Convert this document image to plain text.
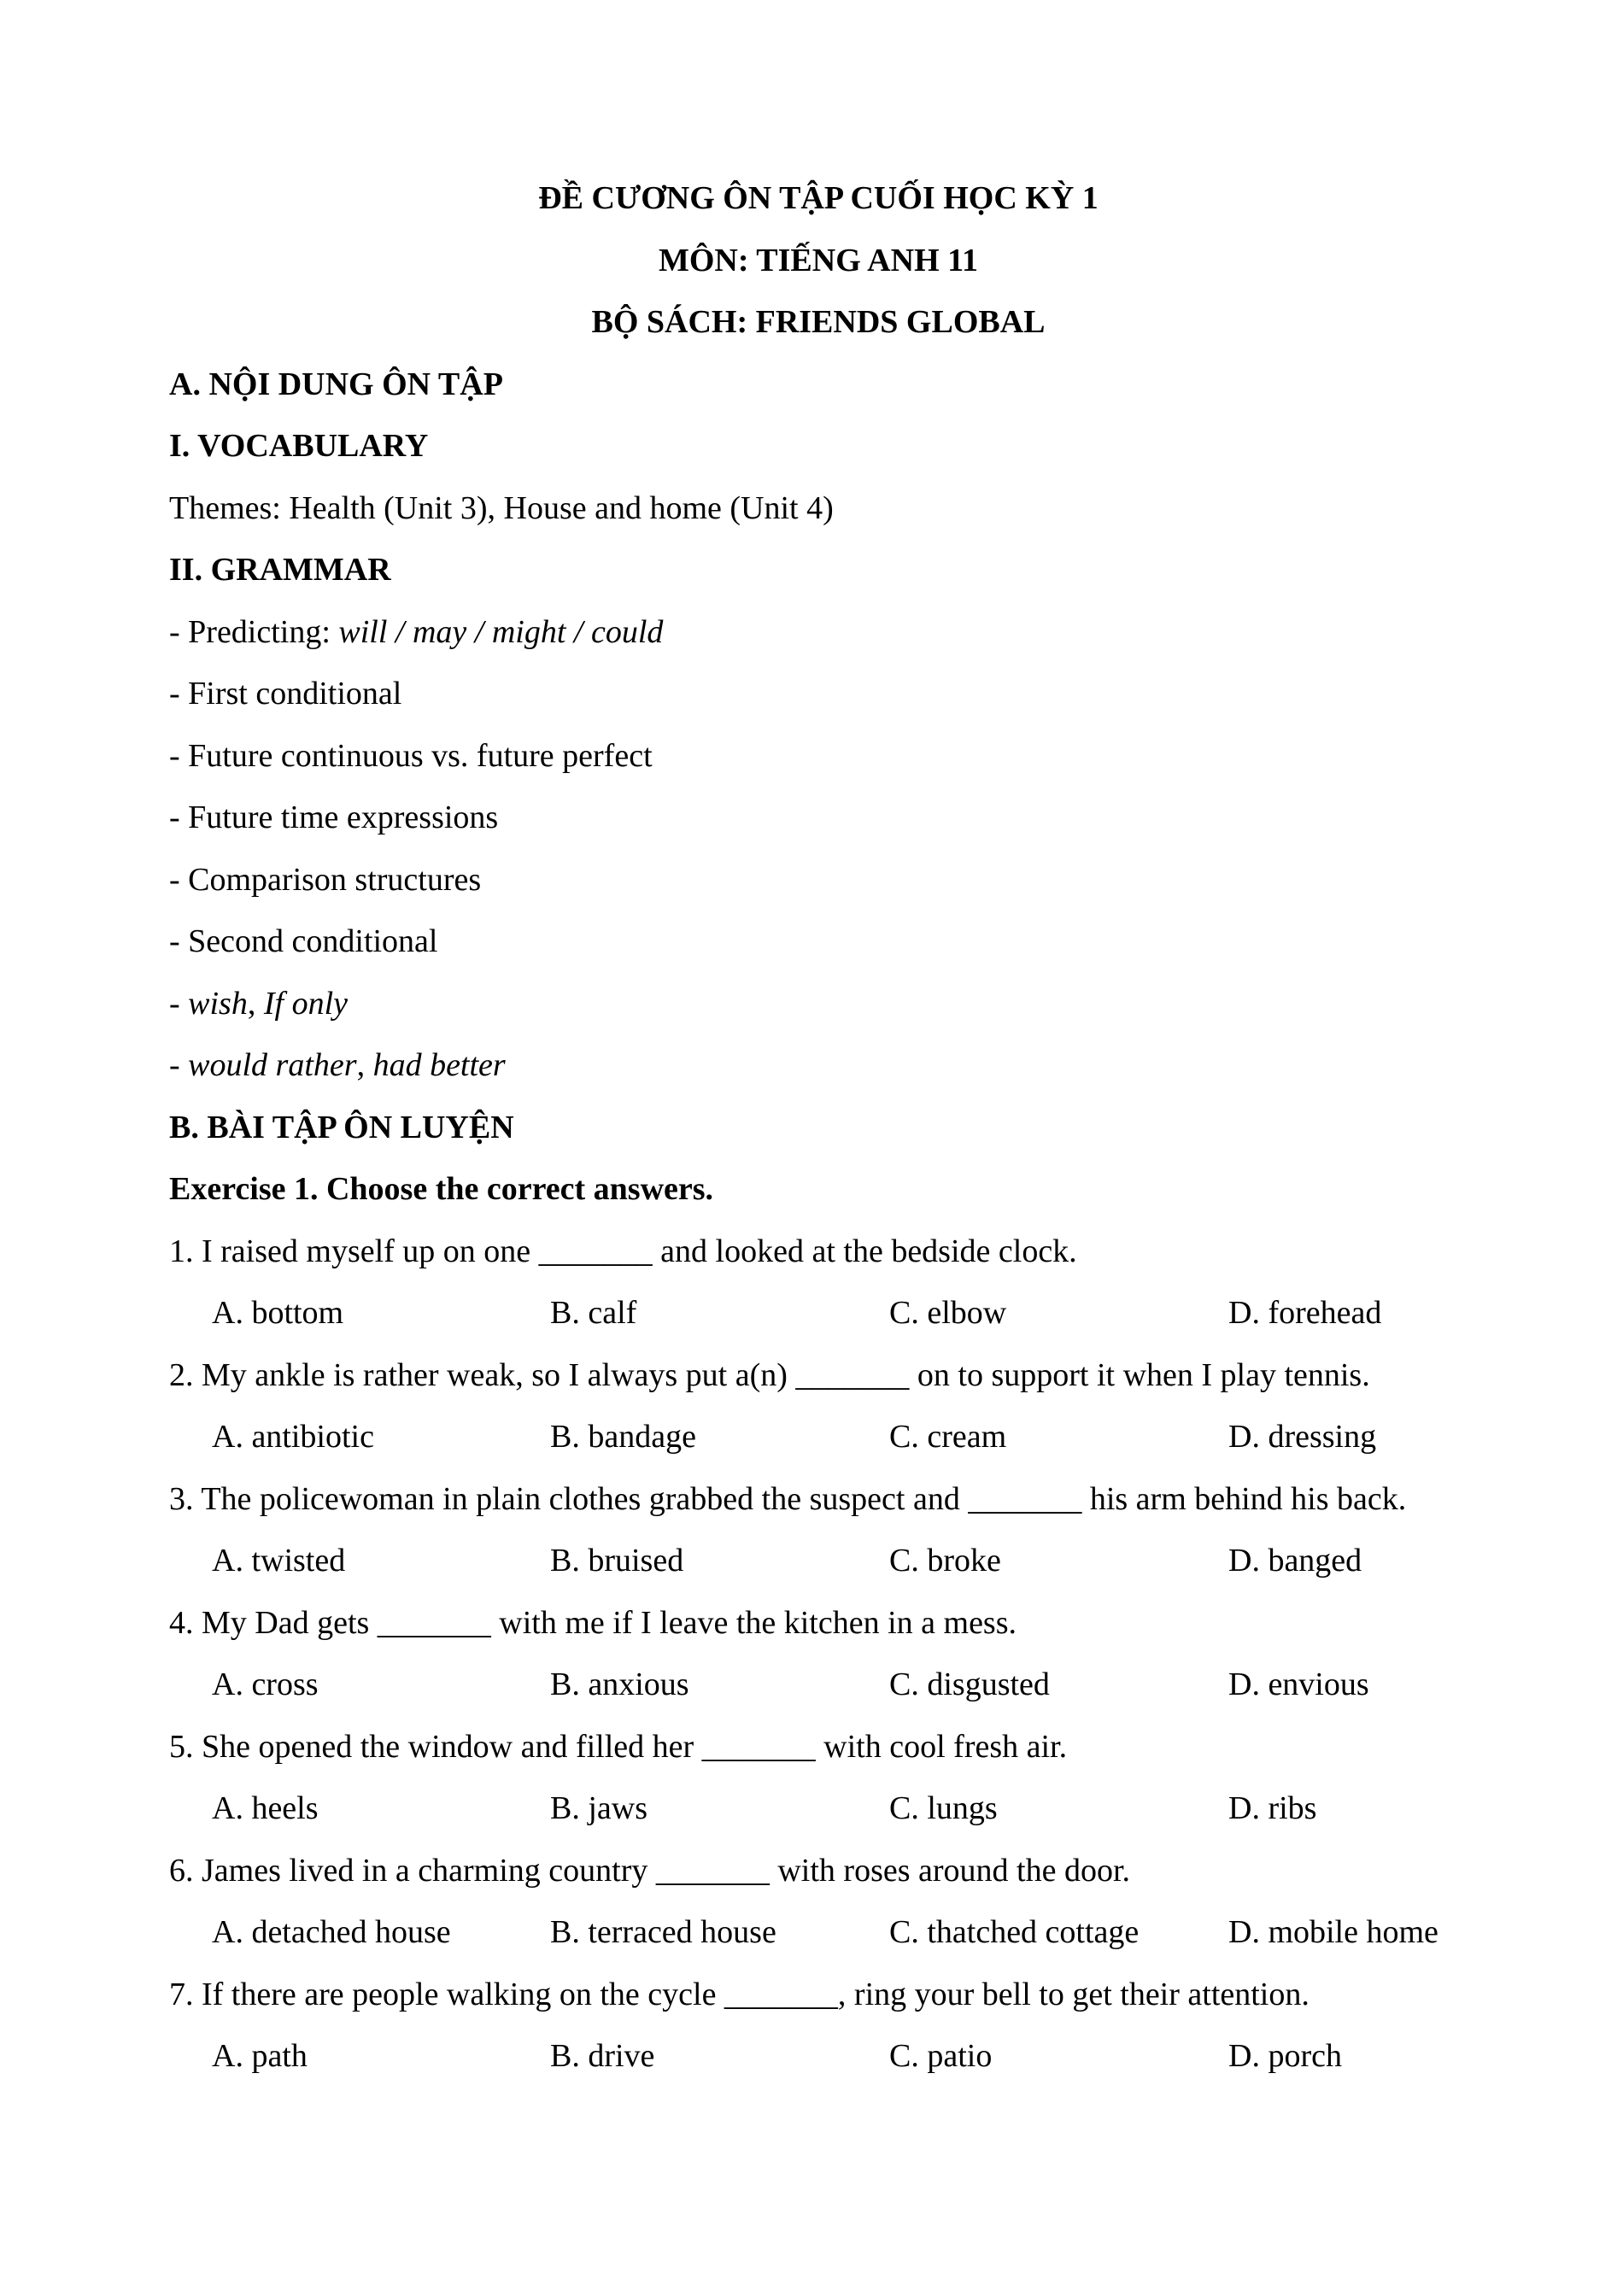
ĐỀ CƯƠNG ÔN TẬP CUỐI HỌC KỲ 1
MÔN: TIẾNG ANH 11
BỘ SÁCH: FRIENDS GLOBAL
A. NỘI DUNG ÔN TẬP
I. VOCABULARY
Themes: Health (Unit 3), House and home (Unit 4)
II. GRAMMAR
- Predicting: will / may / might / could
- First conditional
- Future continuous vs. future perfect
- Future time expressions
- Comparison structures
- Second conditional
- wish, If only
- would rather, had better
B. BÀI TẬP ÔN LUYỆN
Exercise 1. Choose the correct answers.
1. I raised myself up on one _______ and looked at the bedside clock.
A. bottom	B. calf	C. elbow	D. forehead
2. My ankle is rather weak, so I always put a(n) _______ on to support it when I play tennis.
A. antibiotic	B. bandage	C. cream	D. dressing
3. The policewoman in plain clothes grabbed the suspect and _______ his arm behind his back.
A. twisted	B. bruised	C. broke	D. banged
4. My Dad gets _______ with me if I leave the kitchen in a mess.
A. cross	B. anxious	C. disgusted	D. envious
5. She opened the window and filled her _______ with cool fresh air.
A. heels	B. jaws	C. lungs	D. ribs
6. James lived in a charming country _______ with roses around the door.
A. detached house	B. terraced house	C. thatched cottage	D. mobile home
7. If there are people walking on the cycle _______, ring your bell to get their attention.
A. path	B. drive	C. patio	D. porch
